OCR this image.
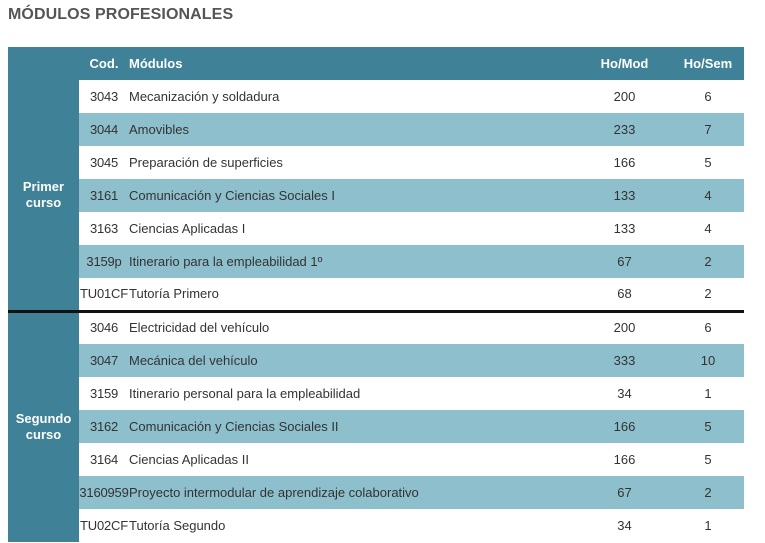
MÓDULOS PROFESIONALES
	Cod.	Módulos	Ho/Mod	Ho/Sem
Primer
curso	3043	Mecanización y soldadura	200	6
	3044	Amovibles	233	7
	3045	Preparación de superficies	166	5
	3161	Comunicación y Ciencias Sociales I	133	4
	3163	Ciencias Aplicadas I	133	4
	3159p	Itinerario para la empleabilidad 1º	67	2
	TU01CF	Tutoría Primero	68	2
Segundo
curso	3046	Electricidad del vehículo	200	6
	3047	Mecánica del vehículo	333	10
	3159	Itinerario personal para la empleabilidad	34	1
	3162	Comunicación y Ciencias Sociales II	166	5
	3164	Ciencias Aplicadas II	166	5
	3160959	Proyecto intermodular de aprendizaje colaborativo	67	2
	TU02CF	Tutoría Segundo	34	1
